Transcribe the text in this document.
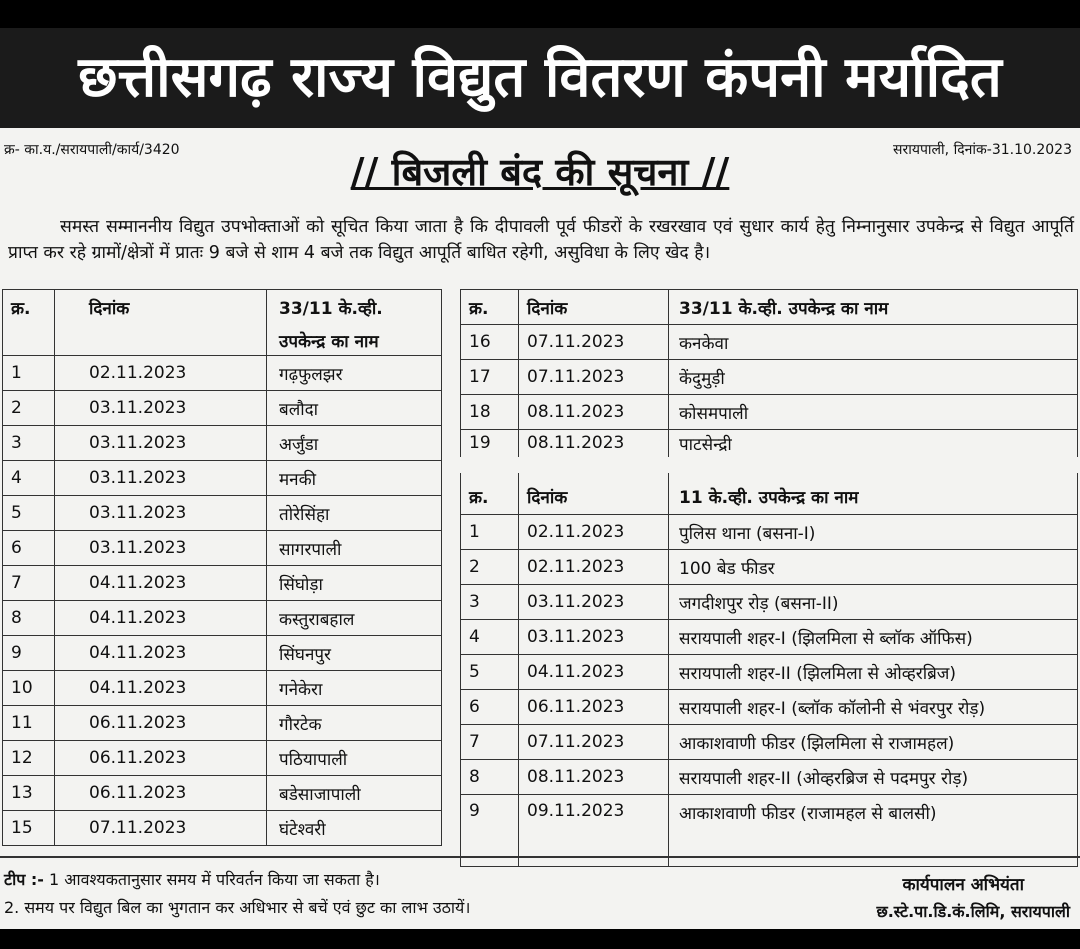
छत्तीसगढ़ राज्य विद्युत वितरण कंपनी मर्यादित
क्र- का.य./सरायपाली/कार्य/3420	सरायपाली, दिनांक-31.10.2023
// बिजली बंद की सूचना //
समस्त सम्माननीय विद्युत उपभोक्ताओं को सूचित किया जाता है कि दीपावली पूर्व फीडरों के रखरखाव एवं सुधार कार्य हेतु निम्नानुसार उपकेन्द्र से विद्युत आपूर्ति प्राप्त कर रहे ग्रामों/क्षेत्रों में प्रातः 9 बजे से शाम 4 बजे तक विद्युत आपूर्ति बाधित रहेगी, असुविधा के लिए खेद है।
क्र.	दिनांक	33/11 के.व्ही.
उपकेन्द्र का नाम
1	02.11.2023	गढ़फुलझर
2	03.11.2023	बलौदा
3	03.11.2023	अर्जुंडा
4	03.11.2023	मनकी
5	03.11.2023	तोरेसिंहा
6	03.11.2023	सागरपाली
7	04.11.2023	सिंघोड़ा
8	04.11.2023	कस्तुराबहाल
9	04.11.2023	सिंघनपुर
10	04.11.2023	गनेकेरा
11	06.11.2023	गौरटेक
12	06.11.2023	पठियापाली
13	06.11.2023	बडेसाजापाली
15	07.11.2023	घंटेश्वरी
क्र.	दिनांक	33/11 के.व्ही. उपकेन्द्र का नाम
16	07.11.2023	कनकेवा
17	07.11.2023	केंदुमुड़ी
18	08.11.2023	कोसमपाली
19	08.11.2023	पाटसेन्द्री
क्र.	दिनांक	11 के.व्ही. उपकेन्द्र का नाम
1	02.11.2023	पुलिस थाना (बसना-I)
2	02.11.2023	100 बेड फीडर
3	03.11.2023	जगदीशपुर रोड़ (बसना-II)
4	03.11.2023	सरायपाली शहर-I (झिलमिला से ब्लॉक ऑफिस)
5	04.11.2023	सरायपाली शहर-II (झिलमिला से ओव्हरब्रिज)
6	06.11.2023	सरायपाली शहर-I (ब्लॉक कॉलोनी से भंवरपुर रोड़)
7	07.11.2023	आकाशवाणी फीडर (झिलमिला से राजामहल)
8	08.11.2023	सरायपाली शहर-II (ओव्हरब्रिज से पदमपुर रोड़)
9	09.11.2023	आकाशवाणी फीडर (राजामहल से बालसी)
टीप :- 1 आवश्यकतानुसार समय में परिवर्तन किया जा सकता है।
2. समय पर विद्युत बिल का भुगतान कर अधिभार से बचें एवं छुट का लाभ उठायें।
कार्यपालन अभियंता
छ.स्टे.पा.डि.कं.लिमि, सरायपाली
